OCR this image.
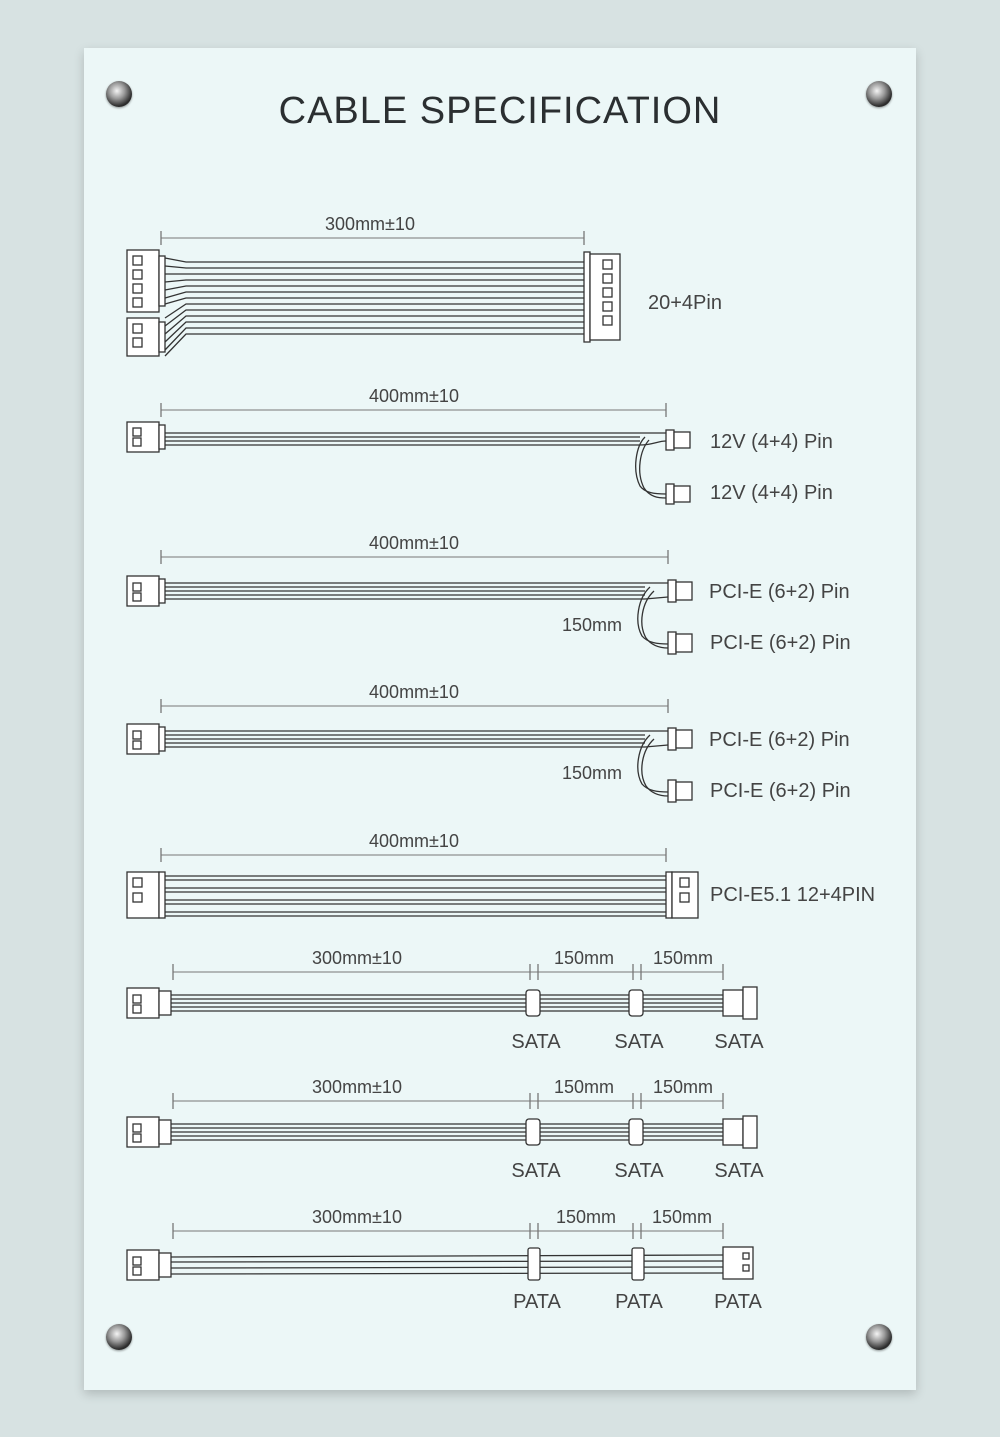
CABLE SPECIFICATION
300mm±10
20+4Pin
400mm±10
12V (4+4) Pin
12V (4+4) Pin
400mm±10
150mm
PCI-E (6+2) Pin
PCI-E (6+2) Pin
400mm±10
150mm
PCI-E (6+2) Pin
PCI-E (6+2) Pin
400mm±10
PCI-E5.1 12+4PIN
300mm±10	150mm 150mm
SATA	SATA	SATA
300mm±10	150mm 150mm
SATA	SATA	SATA
300mm±10	150mm 150mm
PATA	PATA	PATA
